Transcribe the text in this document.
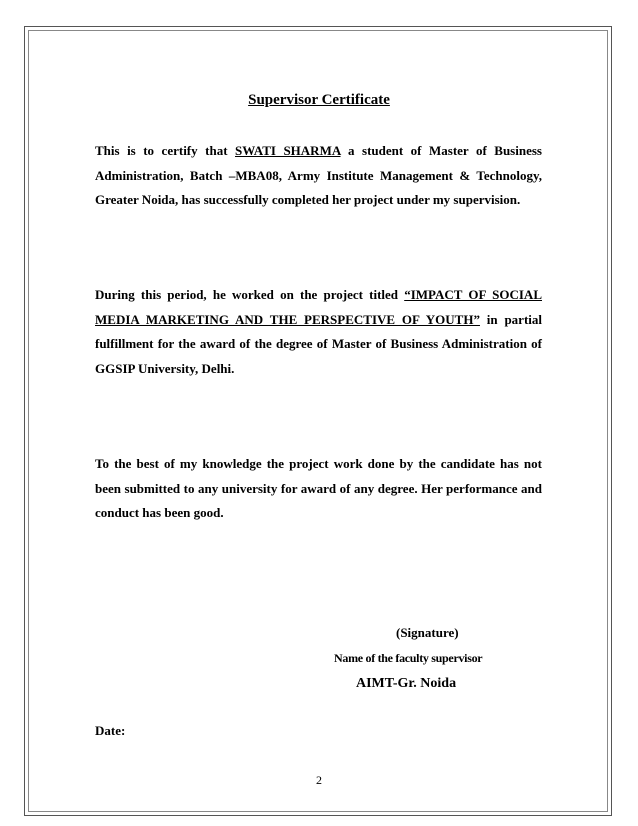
Supervisor Certificate
This is to certify that SWATI SHARMA a student of Master of Business Administration, Batch –MBA08, Army Institute Management & Technology, Greater Noida, has successfully completed her project under my supervision.
During this period, he worked on the project titled “IMPACT OF SOCIAL MEDIA MARKETING AND THE PERSPECTIVE OF YOUTH” in partial fulfillment for the award of the degree of Master of Business Administration of GGSIP University, Delhi.
To the best of my knowledge the project work done by the candidate has not been submitted to any university for award of any degree. Her performance and conduct has been good.
(Signature)
Name of the faculty supervisor
AIMT-Gr. Noida
Date:
2
